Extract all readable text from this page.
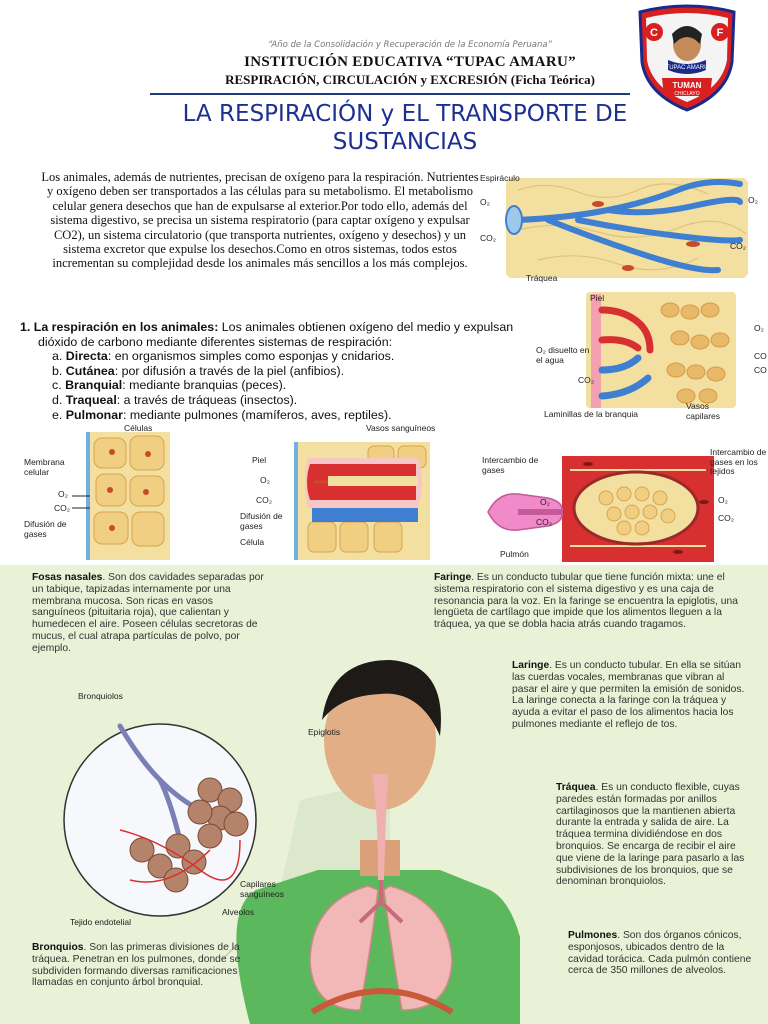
“Año de la Consolidación y Recuperación de la Economía Peruana”
INSTITUCIÓN EDUCATIVA “TUPAC AMARU”
RESPIRACIÓN, CIRCULACIÓN y EXCRESIÓN (Ficha Teórica)
C	F
TUPAC AMARU
TUMAN
CHICLAYO
LA RESPIRACIÓN y EL TRANSPORTE DE SUSTANCIAS
Los animales, además de nutrientes, precisan de oxígeno para la respiración. Nutrientes y oxígeno deben ser transportados a las células para su metabolismo. El metabolismo celular genera desechos que han de expulsarse al exterior.Por todo ello, además del sistema digestivo, se precisa un sistema respiratorio (para captar oxígeno y expulsar CO2), un sistema circulatorio (que transporta nutrientes, oxígeno y desechos) y un sistema excretor que expulse los desechos.Como en otros sistemas, todos estos incrementan su complejidad desde los animales más sencillos a los más complejos.
1. La respiración en los animales: Los animales obtienen oxígeno del medio y expulsan
dióxido de carbono mediante diferentes sistemas de respiración:
a. Directa: en organismos simples como esponjas y cnidarios.
b. Cutánea: por difusión a través de la piel (anfibios).
c. Branquial: mediante branquias (peces).
d. Traqueal: a través de tráqueas (insectos).
e. Pulmonar: mediante pulmones (mamíferos, aves, reptiles).
Espiráculo
O₂
CO₂
Tráquea
O₂
CO₂
Piel
O₂
O₂ disuelto en el agua
CO₂
CO
CO
Laminillas de la branquia
Vasos capilares
Células
Membrana celular
O₂
CO₂
Difusión de gases
Vasos sanguíneos
Piel
O₂
CO₂
Difusión de gases
Célula
Intercambio de gases
Intercambio de gases en los tejidos
O₂
CO₂
O₂
CO₂
Pulmón
Bronquiolos
Epiglotis
Capilares sanguíneos
Alveolos
Tejido endotelial
Fosas nasales. Son dos cavidades separadas por un tabique, tapizadas internamente por una membrana mucosa. Son ricas en vasos sanguíneos (pituitaria roja), que calientan y humedecen el aire. Poseen células secretoras de mucus, el cual atrapa partículas de polvo, por ejemplo.
Faringe. Es un conducto tubular que tiene función mixta: une el sistema respiratorio con el sistema digestivo y es una caja de resonancia para la voz. En la faringe se encuentra la epiglotis, una lengüeta de cartílago que impide que los alimentos lleguen a la tráquea, ya que se dobla hacia atrás cuando tragamos.
Laringe. Es un conducto tubular. En ella se sitúan las cuerdas vocales, membranas que vibran al pasar el aire y que permiten la emisión de sonidos. La laringe conecta a la faringe con la tráquea y ayuda a evitar el paso de los alimentos hacia los pulmones mediante el reflejo de tos.
Tráquea. Es un conducto flexible, cuyas paredes están formadas por anillos cartilaginosos que la mantienen abierta durante la entrada y salida de aire. La tráquea termina dividiéndose en dos bronquios. Se encarga de recibir el aire que viene de la laringe para pasarlo a las subdivisiones de los bronquios, que se denominan bronquiolos.
Pulmones. Son dos órganos cónicos, esponjosos, ubicados dentro de la cavidad torácica. Cada pulmón contiene cerca de 350 millones de alveolos.
Bronquios. Son las primeras divisiones de la tráquea. Penetran en los pulmones, donde se subdividen formando diversas ramificaciones llamadas en conjunto árbol bronquial.
